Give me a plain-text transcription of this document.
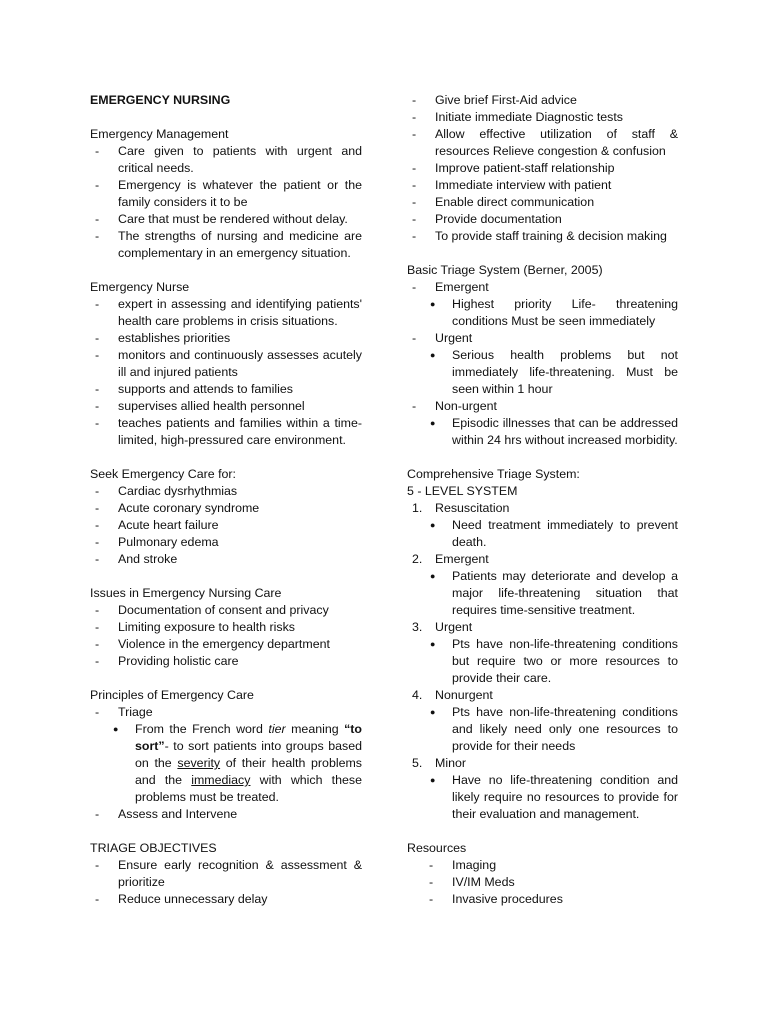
EMERGENCY NURSING
Emergency Management
- Care given to patients with urgent and critical needs.
- Emergency is whatever the patient or the family considers it to be
- Care that must be rendered without delay.
- The strengths of nursing and medicine are complementary in an emergency situation.
Emergency Nurse
- expert in assessing and identifying patients' health care problems in crisis situations.
- establishes priorities
- monitors and continuously assesses acutely ill and injured patients
- supports and attends to families
- supervises allied health personnel
- teaches patients and families within a time-limited, high-pressured care environment.
Seek Emergency Care for:
- Cardiac dysrhythmias
- Acute coronary syndrome
- Acute heart failure
- Pulmonary edema
- And stroke
Issues in Emergency Nursing Care
- Documentation of consent and privacy
- Limiting exposure to health risks
- Violence in the emergency department
- Providing holistic care
Principles of Emergency Care
- Triage
● From the French word tier meaning “to sort”- to sort patients into groups based on the severity of their health problems and the immediacy with which these problems must be treated.
- Assess and Intervene
TRIAGE OBJECTIVES
- Ensure early recognition & assessment & prioritize
- Reduce unnecessary delay
- Give brief First-Aid advice
- Initiate immediate Diagnostic tests
- Allow effective utilization of staff & resources Relieve congestion & confusion
- Improve patient-staff relationship
- Immediate interview with patient
- Enable direct communication
- Provide documentation
- To provide staff training & decision making
Basic Triage System (Berner, 2005)
- Emergent
● Highest priority Life- threatening conditions Must be seen immediately
- Urgent
● Serious health problems but not immediately life-threatening. Must be seen within 1 hour
- Non-urgent
● Episodic illnesses that can be addressed within 24 hrs without increased morbidity.
Comprehensive Triage System:
5 - LEVEL SYSTEM
1. Resuscitation
● Need treatment immediately to prevent death.
2. Emergent
● Patients may deteriorate and develop a major life-threatening situation that requires time-sensitive treatment.
3. Urgent
● Pts have non-life-threatening conditions but require two or more resources to provide their care.
4. Nonurgent
● Pts have non-life-threatening conditions and likely need only one resources to provide for their needs
5. Minor
● Have no life-threatening condition and likely require no resources to provide for their evaluation and management.
Resources
- Imaging
- IV/IM Meds
- Invasive procedures
